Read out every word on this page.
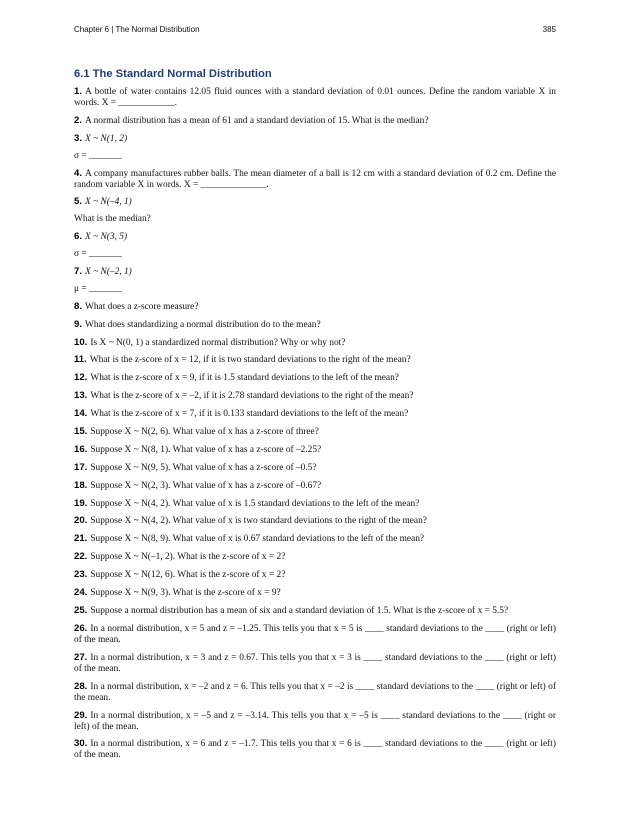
Chapter 6 | The Normal Distribution	385
6.1 The Standard Normal Distribution

1. A bottle of water contains 12.05 fluid ounces with a standard deviation of 0.01 ounces. Define the random variable X in words. X = ____________.

2. A normal distribution has a mean of 61 and a standard deviation of 15. What is the median?

3. X ~ N(1, 2)

σ = _______

4. A company manufactures rubber balls. The mean diameter of a ball is 12 cm with a standard deviation of 0.2 cm. Define the random variable X in words. X = ______________.

5. X ~ N(–4, 1)

What is the median?

6. X ~ N(3, 5)

σ = _______

7. X ~ N(–2, 1)

μ = _______

8. What does a z-score measure?

9. What does standardizing a normal distribution do to the mean?

10. Is X ~ N(0, 1) a standardized normal distribution? Why or why not?

11. What is the z-score of x = 12, if it is two standard deviations to the right of the mean?

12. What is the z-score of x = 9, if it is 1.5 standard deviations to the left of the mean?

13. What is the z-score of x = –2, if it is 2.78 standard deviations to the right of the mean?

14. What is the z-score of x = 7, if it is 0.133 standard deviations to the left of the mean?

15. Suppose X ~ N(2, 6). What value of x has a z-score of three?

16. Suppose X ~ N(8, 1). What value of x has a z-score of –2.25?

17. Suppose X ~ N(9, 5). What value of x has a z-score of –0.5?

18. Suppose X ~ N(2, 3). What value of x has a z-score of –0.67?

19. Suppose X ~ N(4, 2). What value of x is 1.5 standard deviations to the left of the mean?

20. Suppose X ~ N(4, 2). What value of x is two standard deviations to the right of the mean?

21. Suppose X ~ N(8, 9). What value of x is 0.67 standard deviations to the left of the mean?

22. Suppose X ~ N(–1, 2). What is the z-score of x = 2?

23. Suppose X ~ N(12, 6). What is the z-score of x = 2?

24. Suppose X ~ N(9, 3). What is the z-score of x = 9?

25. Suppose a normal distribution has a mean of six and a standard deviation of 1.5. What is the z-score of x = 5.5?

26. In a normal distribution, x = 5 and z = –1.25. This tells you that x = 5 is ____ standard deviations to the ____ (right or left) of the mean.

27. In a normal distribution, x = 3 and z = 0.67. This tells you that x = 3 is ____ standard deviations to the ____ (right or left) of the mean.

28. In a normal distribution, x = –2 and z = 6. This tells you that x = –2 is ____ standard deviations to the ____ (right or left) of the mean.

29. In a normal distribution, x = –5 and z = –3.14. This tells you that x = –5 is ____ standard deviations to the ____ (right or left) of the mean.

30. In a normal distribution, x = 6 and z = –1.7. This tells you that x = 6 is ____ standard deviations to the ____ (right or left) of the mean.
